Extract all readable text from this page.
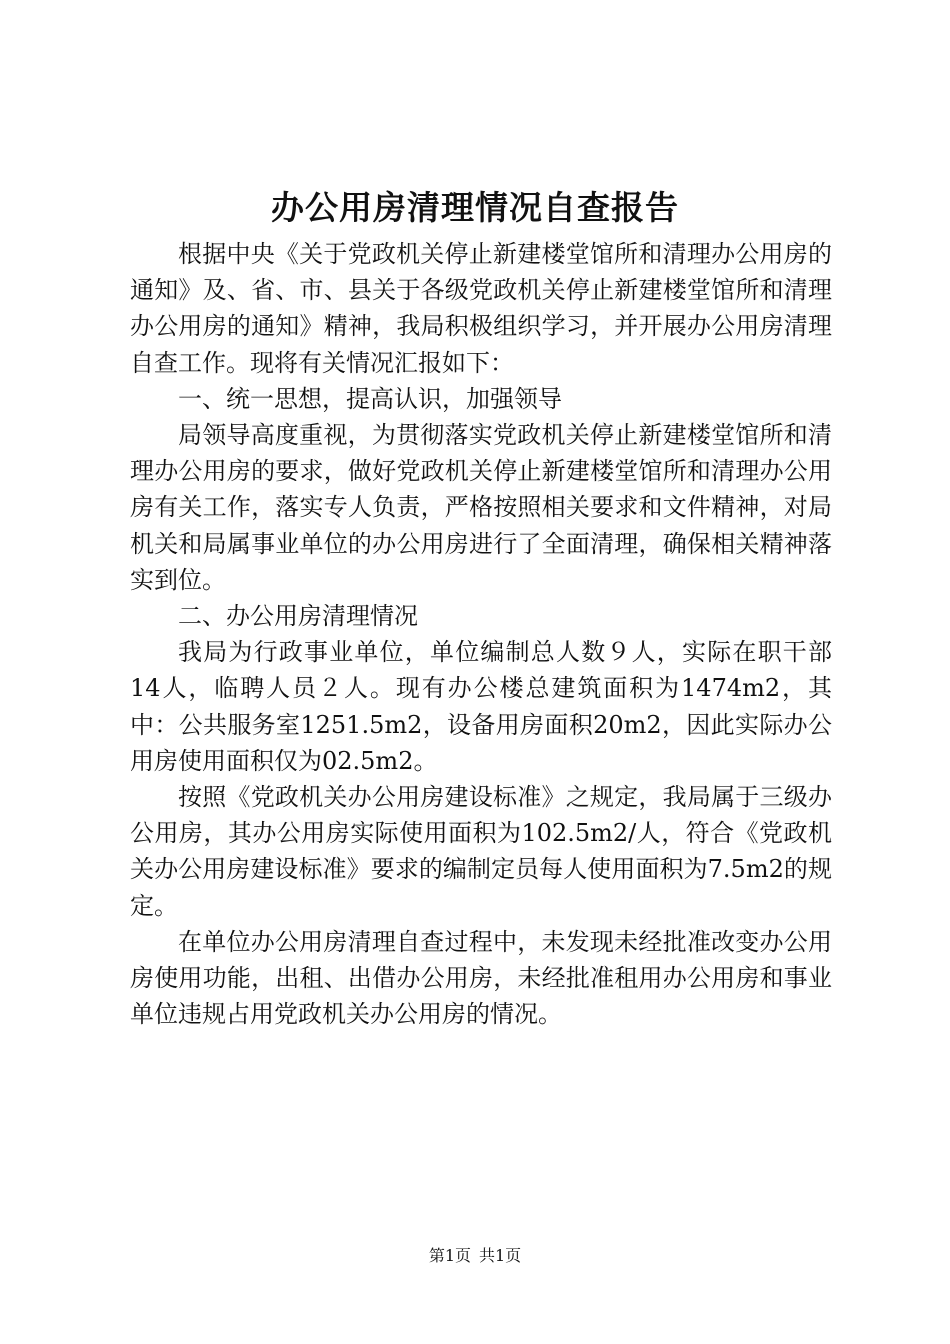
办公用房清理情况自查报告

根据中央《关于党政机关停止新建楼堂馆所和清理办公用房的通知》及、省、市、县关于各级党政机关停止新建楼堂馆所和清理办公用房的通知》精神，我局积极组织学习，并开展办公用房清理自查工作。现将有关情况汇报如下：

一、统一思想，提高认识，加强领导

局领导高度重视，为贯彻落实党政机关停止新建楼堂馆所和清理办公用房的要求，做好党政机关停止新建楼堂馆所和清理办公用房有关工作，落实专人负责，严格按照相关要求和文件精神，对局机关和局属事业单位的办公用房进行了全面清理，确保相关精神落实到位。

二、办公用房清理情况

我局为行政事业单位，单位编制总人数９人，实际在职干部14人，临聘人员２人。现有办公楼总建筑面积为1474m2，其中：公共服务室1251.5m2，设备用房面积20m2，因此实际办公用房使用面积仅为02.5m2。

按照《党政机关办公用房建设标准》之规定，我局属于三级办公用房，其办公用房实际使用面积为102.5m2/人，符合《党政机关办公用房建设标准》要求的编制定员每人使用面积为7.5m2的规定。

在单位办公用房清理自查过程中，未发现未经批准改变办公用房使用功能，出租、出借办公用房，未经批准租用办公用房和事业单位违规占用党政机关办公用房的情况。

第1页 共1页
